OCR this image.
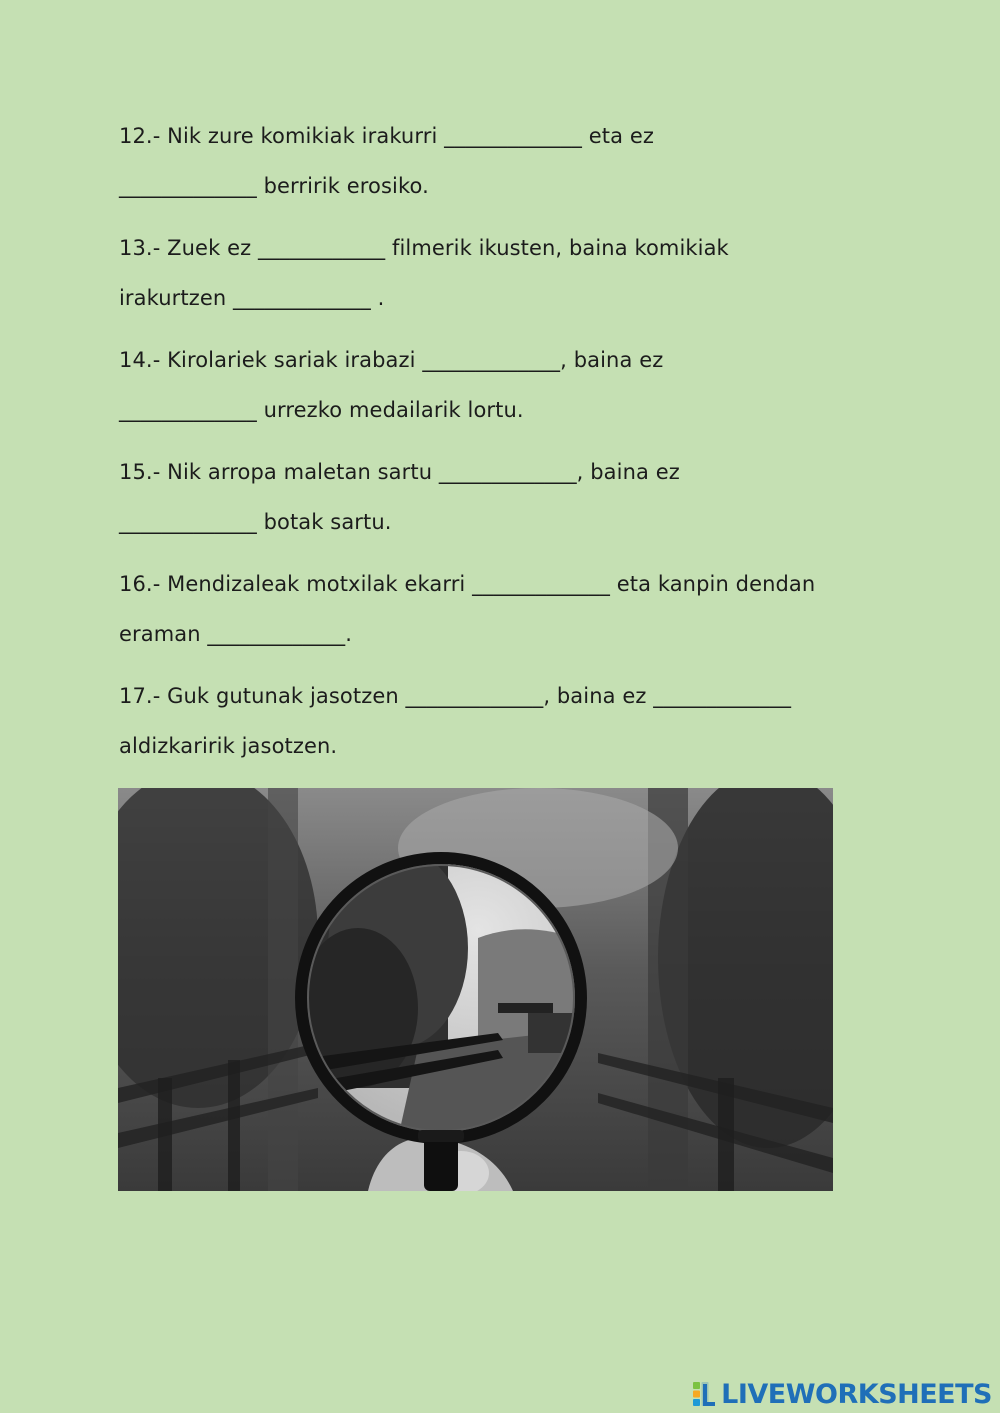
12.- Nik zure komikiak irakurri _____________ eta ez
_____________ berririk erosiko.
13.- Zuek ez ____________ filmerik ikusten, baina komikiak
irakurtzen _____________ .
14.- Kirolariek sariak irabazi _____________, baina ez
_____________ urrezko medailarik lortu.
15.- Nik arropa maletan sartu _____________, baina ez
_____________ botak sartu.
16.- Mendizaleak motxilak ekarri _____________ eta kanpin dendan
eraman _____________.
17.- Guk gutunak jasotzen _____________, baina ez _____________
aldizkaririk jasotzen.
LIVEWORKSHEETS
